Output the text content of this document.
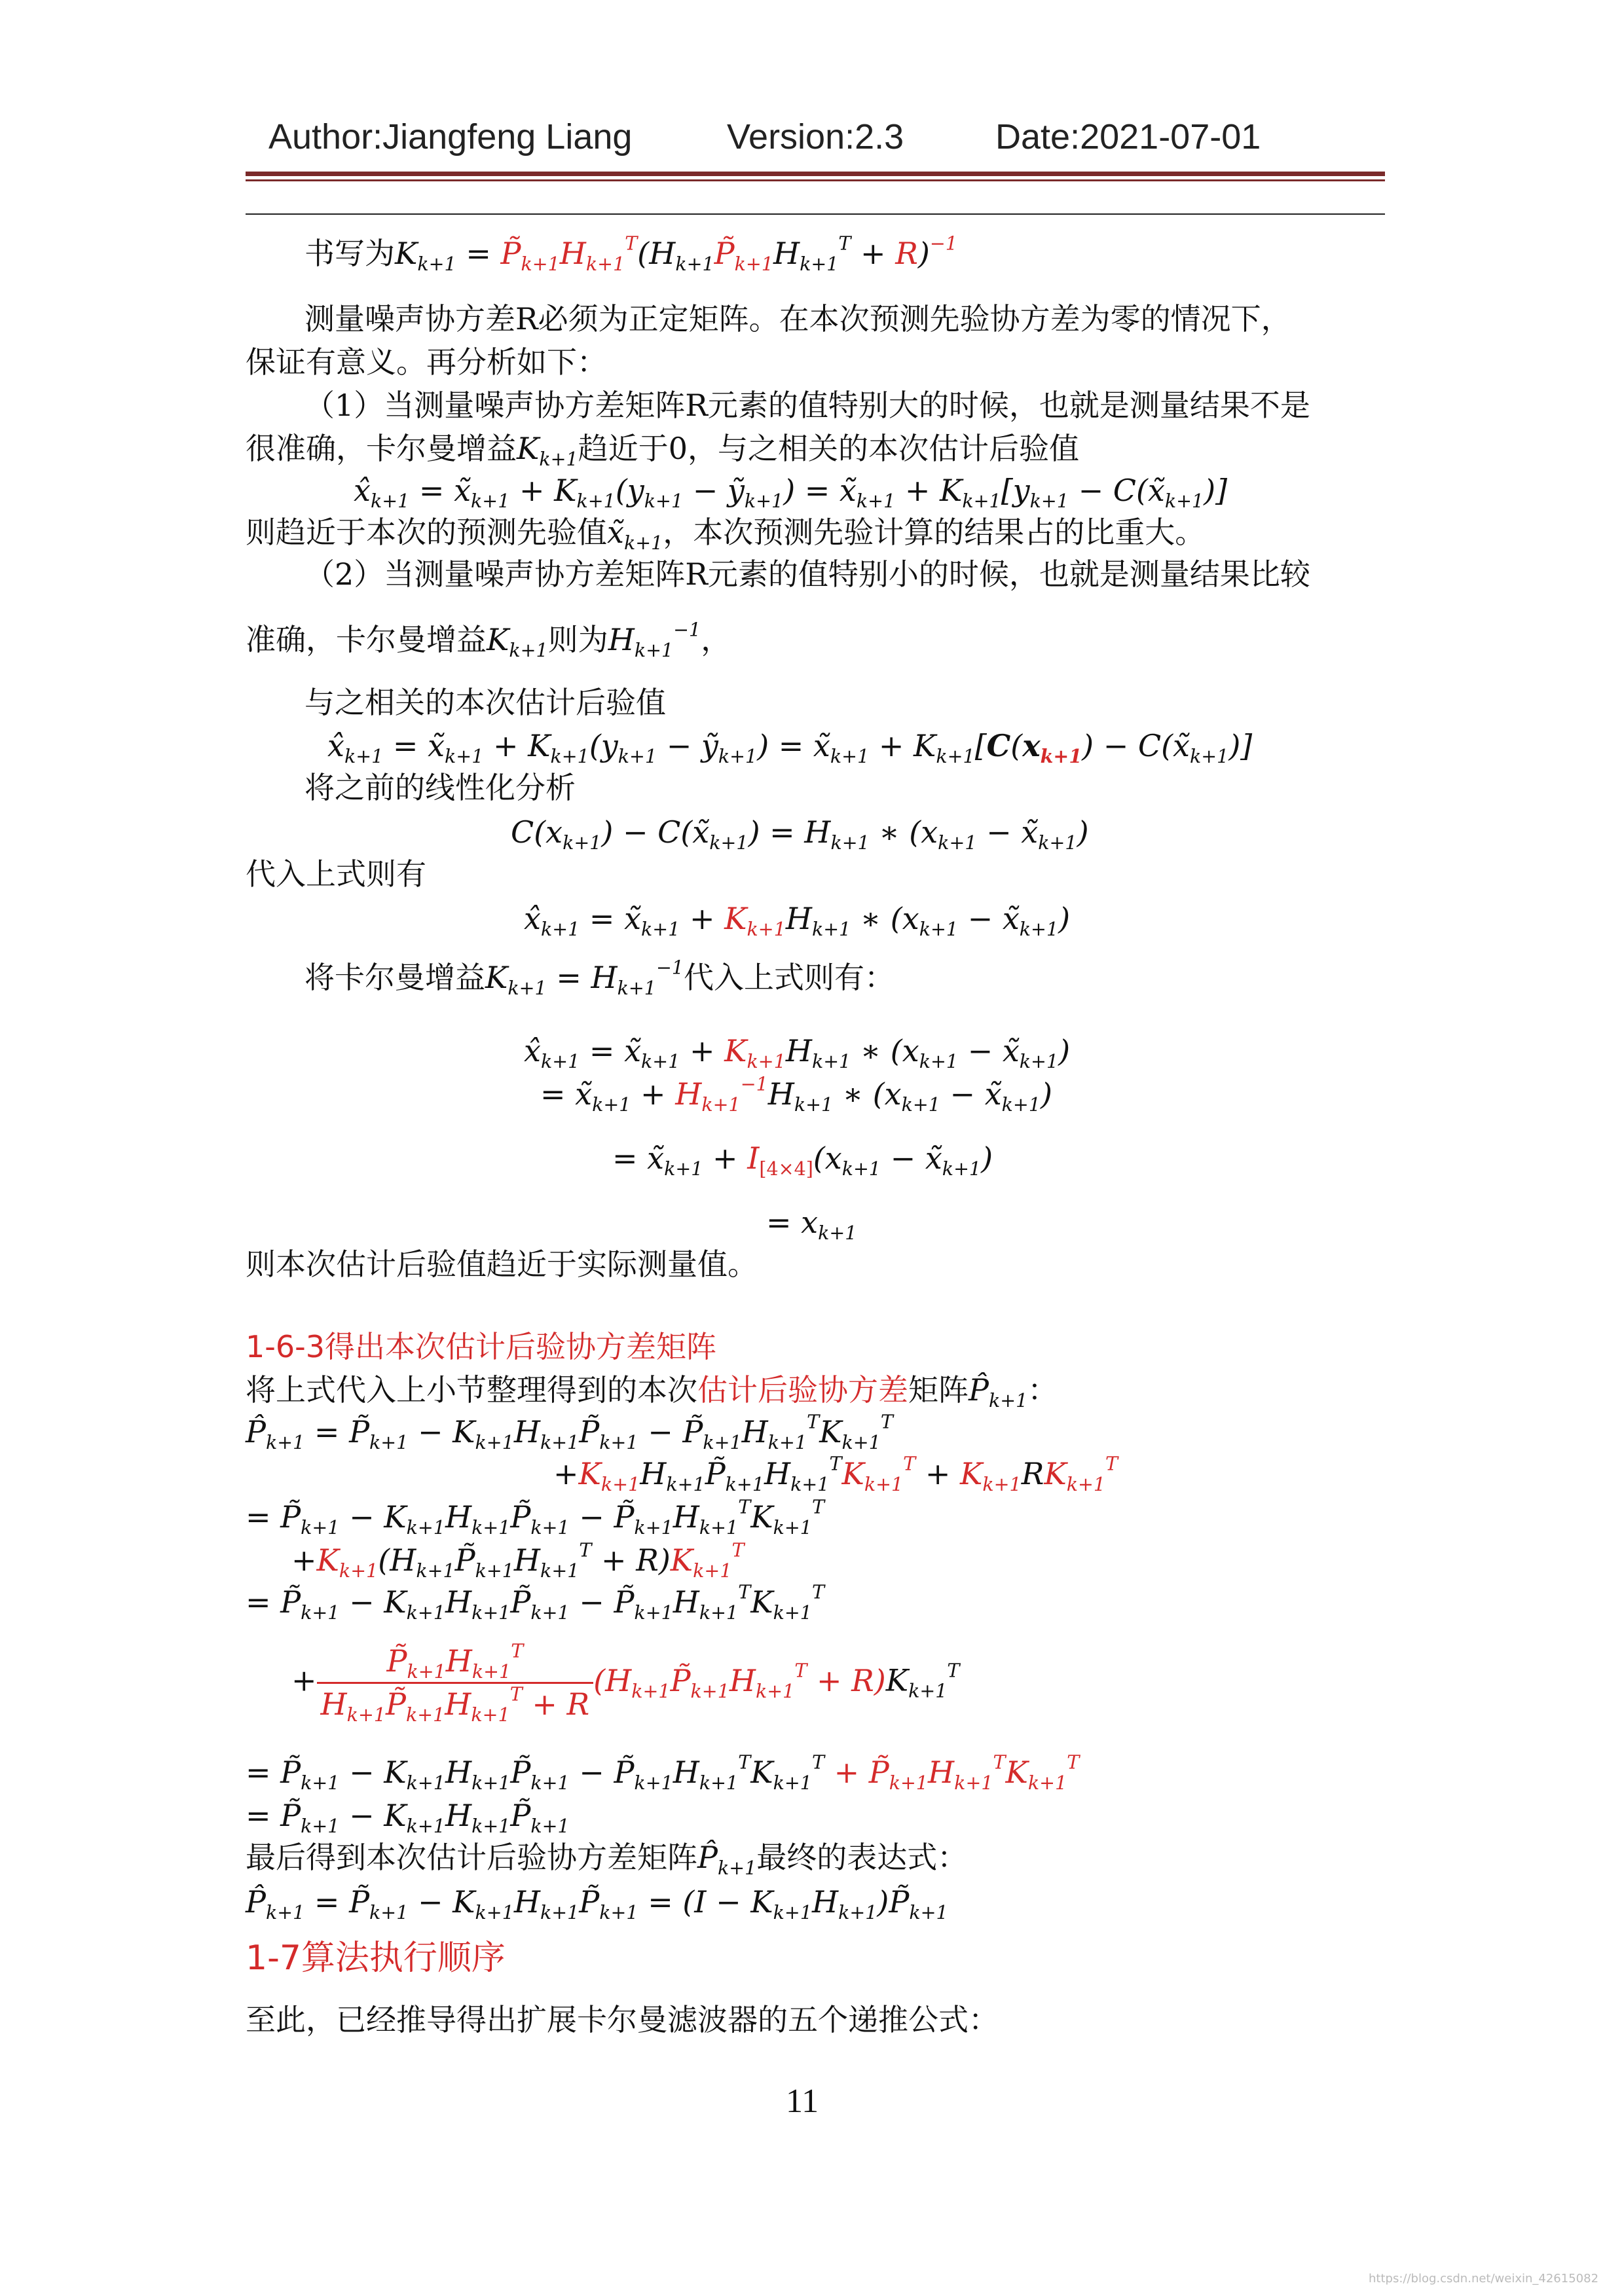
Author:Jiangfeng Liang	Version:2.3	Date:2021-07-01
书写为$K_{k+1}$ = $P̃_{k+1}H_{k+1}^T(H_{k+1}P̃_{k+1}H_{k+1}^T + R)^{-1}$
测量噪声协方差R必须为正定矩阵。在本次预测先验协方差为零的情况下，
保证有意义。再分析如下：
（1）当测量噪声协方差矩阵R元素的值特别大的时候，也就是测量结果不是
很准确，卡尔曼增益$K_{k+1}$趋近于0，与之相关的本次估计后验值
$x̂_{k+1}$ = $x̃_{k+1} + K_{k+1}(y_{k+1}$ − ỹ$_{k+1}$) = $x̃_{k+1} + K_{k+1}[y_{k+1}$ − $C(x̃_{k+1})$]
则趋近于本次的预测先验值$x̃_{k+1}$，本次预测先验计算的结果占的比重大。
（2）当测量噪声协方差矩阵R元素的值特别小的时候，也就是测量结果比较
准确，卡尔曼增益$K_{k+1}$则为$H_{k+1}^{-1}$，
与之相关的本次估计后验值
$x̂_{k+1}$ = $x̃_{k+1} + K_{k+1}(y_{k+1}$ − ỹ$_{k+1}$) = $x̃_{k+1} + K_{k+1}[C(x_{k+1})$ − $C(x̃_{k+1})$]
将之前的线性化分析
$C(x_{k+1})$ − $C(x̃_{k+1}) = H_{k+1}$ ∗ ($x_{k+1}$ − $x̃_{k+1}$)
代入上式则有
$x̂_{k+1}$ = $x̃_{k+1} + K_{k+1}H_{k+1}$ ∗ ($x_{k+1}$ − $x̃_{k+1}$)
将卡尔曼增益$K_{k+1} = H_{k+1}^{-1}$代入上式则有：
$x̂_{k+1}$ = $x̃_{k+1} + K_{k+1}H_{k+1}$ ∗ ($x_{k+1}$ − $x̃_{k+1}$)
= $x̃_{k+1} + H_{k+1}^{-1}H_{k+1}$ ∗ ($x_{k+1}$ − $x̃_{k+1}$)
= $x̃_{k+1} + I_{[4\times 4]}(x_{k+1}$ − $x̃_{k+1}$)
= $x_{k+1}$
则本次估计后验值趋近于实际测量值。
1-6-3得出本次估计后验协方差矩阵
将上式代入上小节整理得到的本次估计后验协方差矩阵$P̂_{k+1}$：
$P̂_{k+1}$ = $P̃_{k+1}$ − $K_{k+1}H_{k+1}P̃_{k+1}$ − $P̃_{k+1}H_{k+1}^TK_{k+1}^T$
$+K_{k+1}H_{k+1}P̃_{k+1}H_{k+1}^TK_{k+1}^T + K_{k+1}RK_{k+1}^T$
= $P̃_{k+1}$ − $K_{k+1}H_{k+1}P̃_{k+1}$ − $P̃_{k+1}H_{k+1}^TK_{k+1}^T$
$+K_{k+1}(H_{k+1}P̃_{k+1}H_{k+1}^T + R)K_{k+1}^T$
= $P̃_{k+1}$ − $K_{k+1}H_{k+1}P̃_{k+1}$ − $P̃_{k+1}H_{k+1}^TK_{k+1}^T$
+ $\frac{P̃_{k+1}H_{k+1}^T}{H_{k+1}P̃_{k+1}H_{k+1}^T + R}$ $(H_{k+1}P̃_{k+1}H_{k+1}^T + R)K_{k+1}^T$
= $P̃_{k+1}$ − $K_{k+1}H_{k+1}P̃_{k+1}$ − $P̃_{k+1}H_{k+1}^TK_{k+1}^T$ + $P̃_{k+1}H_{k+1}^TK_{k+1}^T$
= $P̃_{k+1}$ − $K_{k+1}H_{k+1}P̃_{k+1}$
最后得到本次估计后验协方差矩阵$P̂_{k+1}$最终的表达式：
$P̂_{k+1}$ = $P̃_{k+1}$ − $K_{k+1}H_{k+1}P̃_{k+1} = (I$ − $K_{k+1}H_{k+1})P̃_{k+1}$
1-7算法执行顺序
至此，已经推导得出扩展卡尔曼滤波器的五个递推公式：
11
https://blog.csdn.net/weixin_42615082
